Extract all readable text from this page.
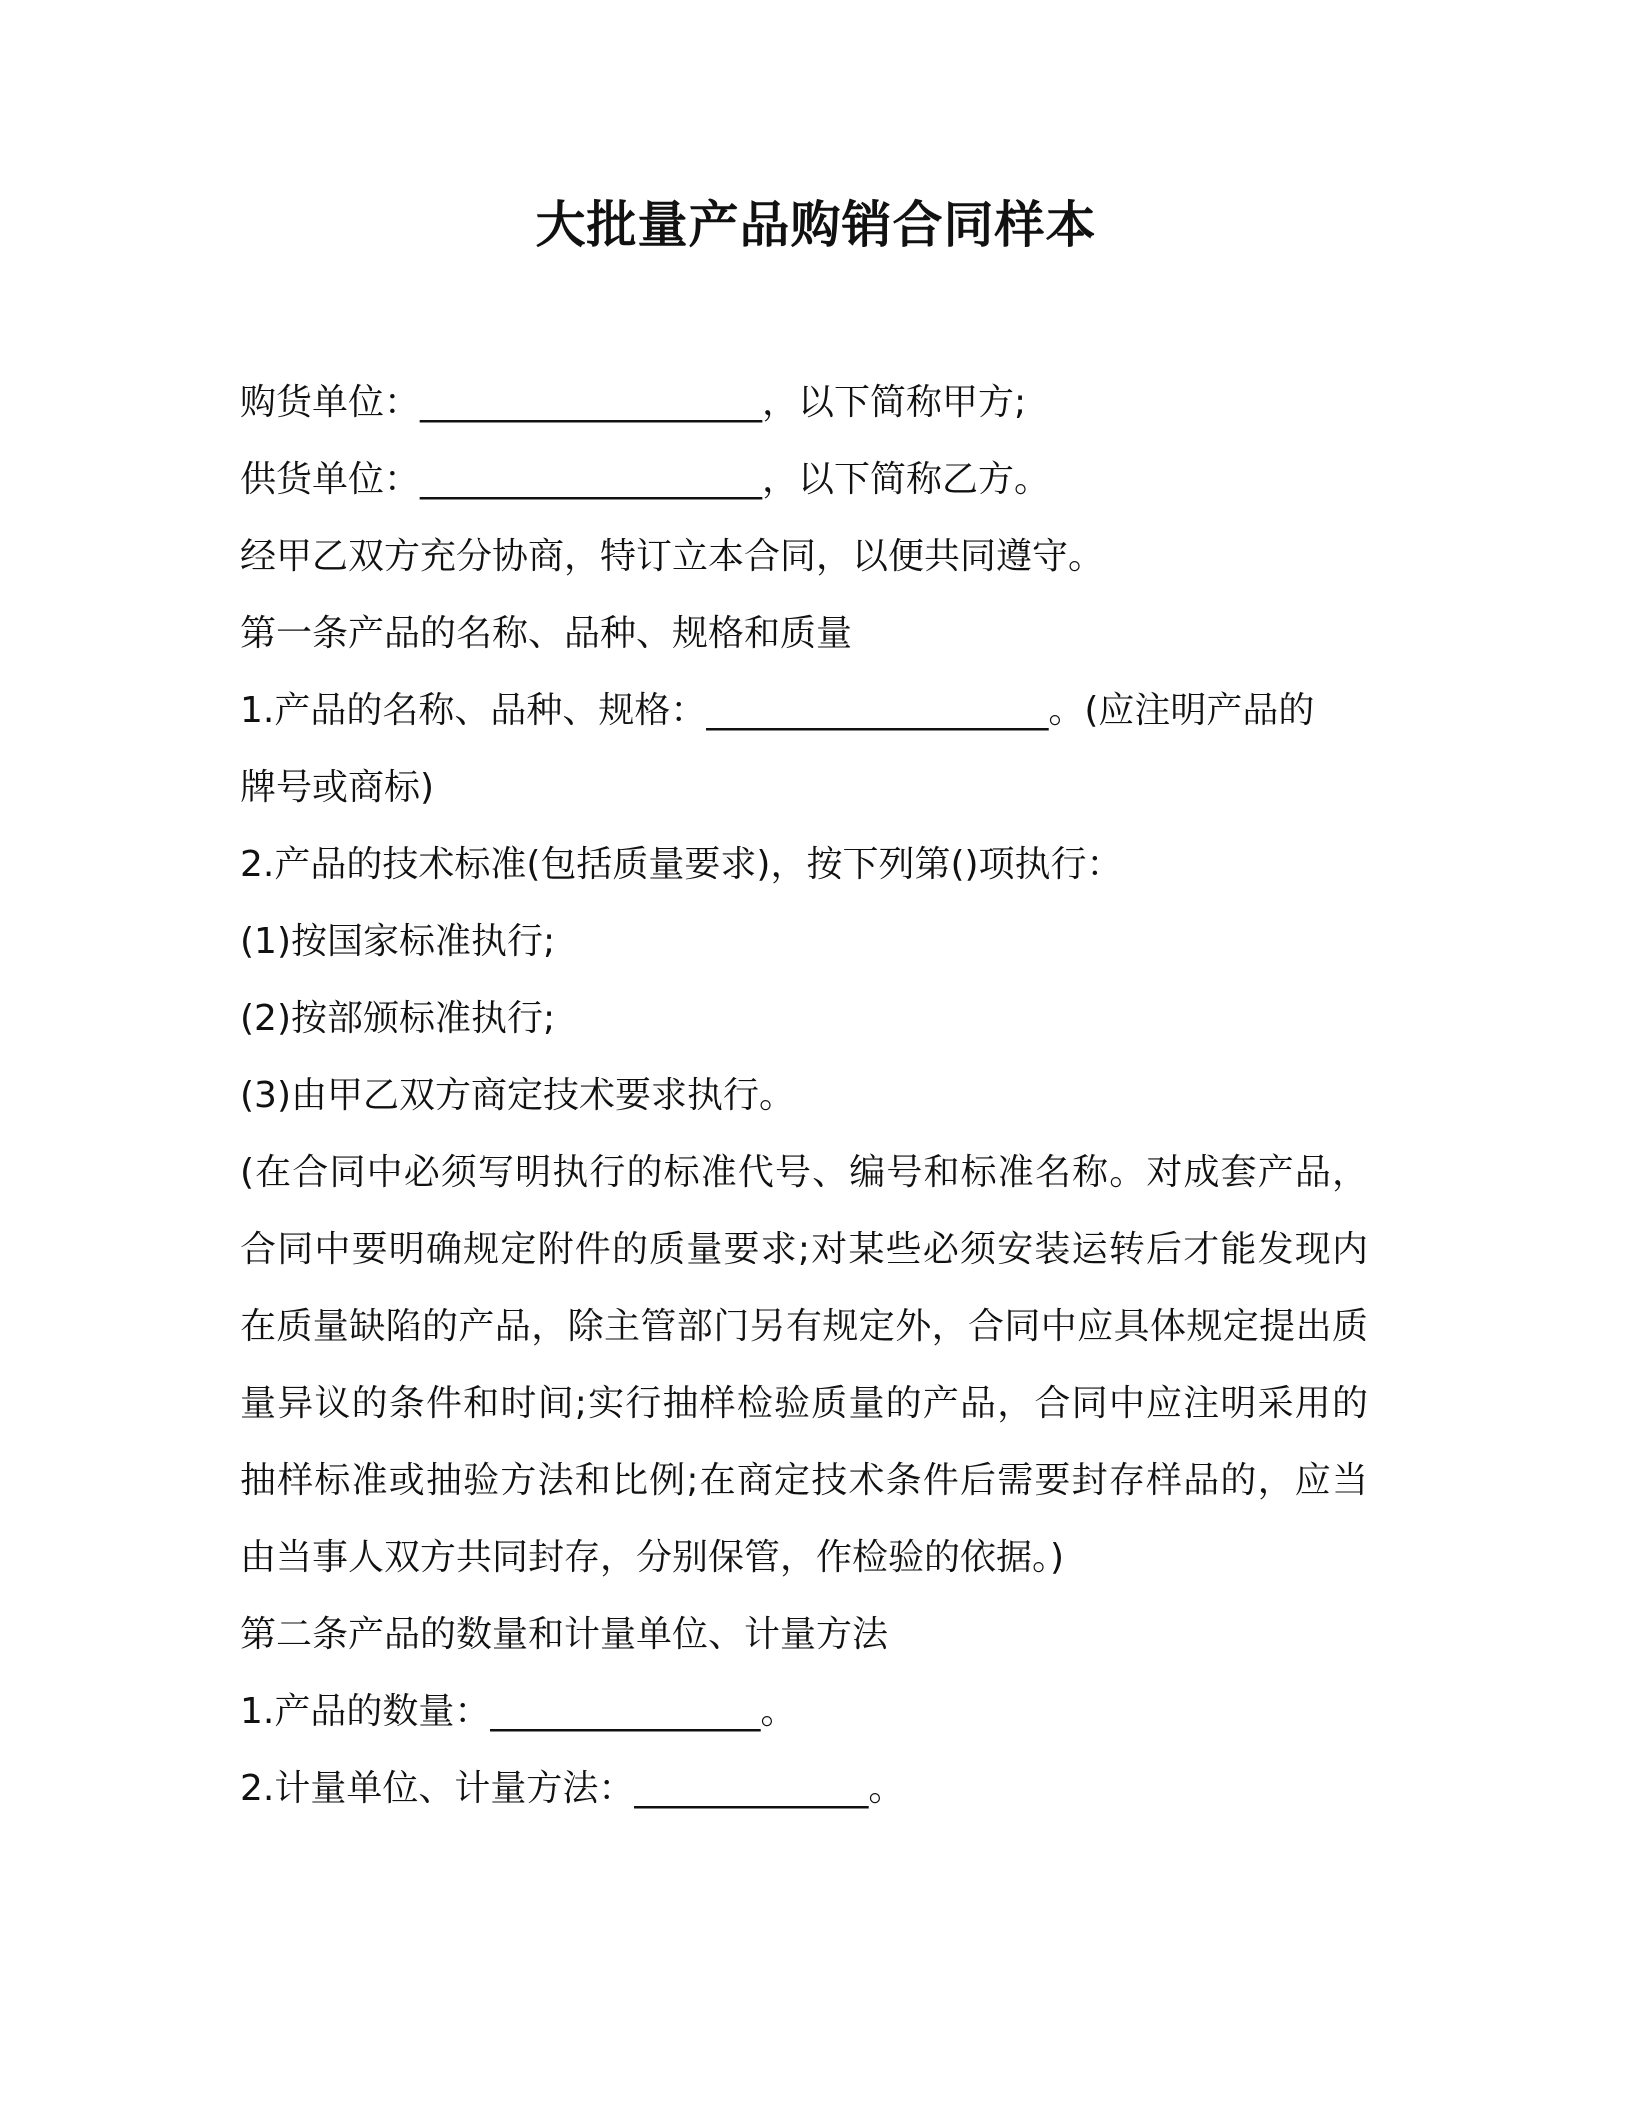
大批量产品购销合同样本

购货单位：___________________，以下简称甲方;

供货单位：___________________，以下简称乙方。

经甲乙双方充分协商，特订立本合同，以便共同遵守。

第一条产品的名称、品种、规格和质量

1.产品的名称、品种、规格：___________________。(应注明产品的

牌号或商标)

2.产品的技术标准(包括质量要求)，按下列第()项执行：

(1)按国家标准执行;

(2)按部颁标准执行;

(3)由甲乙双方商定技术要求执行。

(在合同中必须写明执行的标准代号、编号和标准名称。对成套产品，合同中要明确规定附件的质量要求;对某些必须安装运转后才能发现内在质量缺陷的产品，除主管部门另有规定外，合同中应具体规定提出质量异议的条件和时间;实行抽样检验质量的产品，合同中应注明采用的抽样标准或抽验方法和比例;在商定技术条件后需要封存样品的，应当由当事人双方共同封存，分别保管，作检验的依据。)

第二条产品的数量和计量单位、计量方法

1.产品的数量：_______________。

2.计量单位、计量方法：_____________。
